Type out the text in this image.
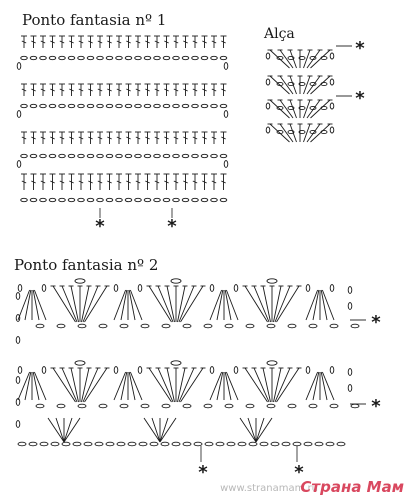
Ponto fantasia nº 1
Alça
Ponto fantasia nº 2
*	*
*
*
*
*
*	*
www.stranamam.ru
Страна Мам
